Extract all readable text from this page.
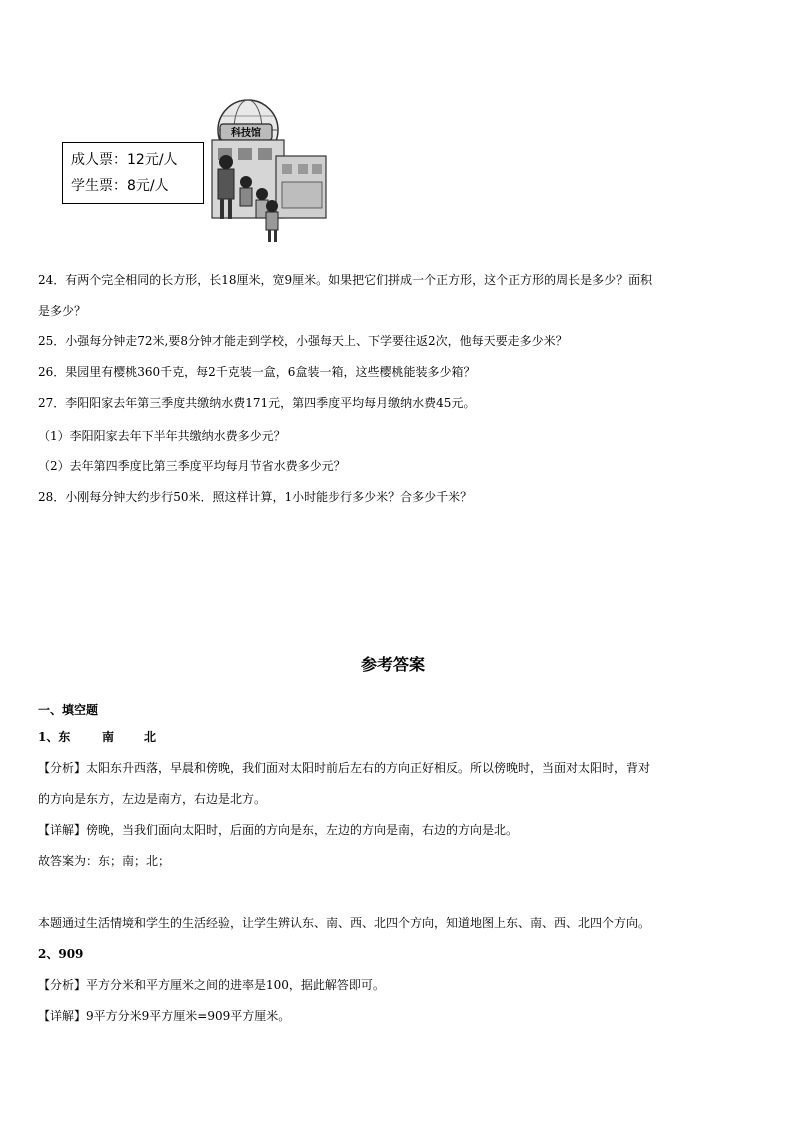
成人票：12元/人
学生票：8元/人
科技馆
24．有两个完全相同的长方形，长18厘米，宽9厘米。如果把它们拼成一个正方形，这个正方形的周长是多少？面积
是多少？
25．小强每分钟走72米,要8分钟才能走到学校，小强每天上、下学要往返2次，他每天要走多少米？
26．果园里有樱桃360千克，每2千克装一盒，6盒装一箱，这些樱桃能装多少箱？
27．李阳阳家去年第三季度共缴纳水费171元，第四季度平均每月缴纳水费45元。
（1）李阳阳家去年下半年共缴纳水费多少元？
（2）去年第四季度比第三季度平均每月节省水费多少元？
28．小刚每分钟大约步行50米．照这样计算，1小时能步行多少米？合多少千米？
参考答案
一、填空题
1、东	南 北
【分析】太阳东升西落，早晨和傍晚，我们面对太阳时前后左右的方向正好相反。所以傍晚时，当面对太阳时，背对
的方向是东方，左边是南方，右边是北方。
【详解】傍晚，当我们面向太阳时，后面的方向是东，左边的方向是南，右边的方向是北。
故答案为：东；南；北；
本题通过生活情境和学生的生活经验，让学生辨认东、南、西、北四个方向，知道地图上东、南、西、北四个方向。
2、909
【分析】平方分米和平方厘米之间的进率是100，据此解答即可。
【详解】9平方分米9平方厘米=909平方厘米。
